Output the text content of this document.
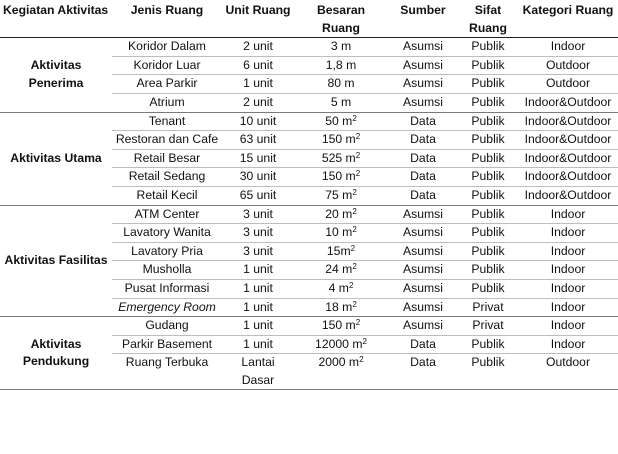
Kegiatan Aktivitas	Jenis Ruang	Unit Ruang	Besaran Ruang	Sumber	Sifat Ruang	Kategori Ruang
Aktivitas Penerima	Koridor Dalam	2 unit	3 m	Asumsi	Publik	Indoor
	Koridor Luar	6 unit	1,8 m	Asumsi	Publik	Outdoor
	Area Parkir	1 unit	80 m	Asumsi	Publik	Outdoor
	Atrium	2 unit	5 m	Asumsi	Publik	Indoor&Outdoor
Aktivitas Utama	Tenant	10 unit	50 $m^2$	Data	Publik	Indoor&Outdoor
	Restoran dan Cafe	63 unit	150 $m^2$	Data	Publik	Indoor&Outdoor
	Retail Besar	15 unit	525 $m^2$	Data	Publik	Indoor&Outdoor
	Retail Sedang	30 unit	150 $m^2$	Data	Publik	Indoor&Outdoor
	Retail Kecil	65 unit	75 $m^2$	Data	Publik	Indoor&Outdoor
Aktivitas Fasilitas	ATM Center	3 unit	20 $m^2$	Asumsi	Publik	Indoor
	Lavatory Wanita	3 unit	10 $m^2$	Asumsi	Publik	Indoor
	Lavatory Pria	3 unit	$15m^2$	Asumsi	Publik	Indoor
	Musholla	1 unit	24 $m^2$	Asumsi	Publik	Indoor
	Pusat Informasi	1 unit	4 $m^2$	Asumsi	Publik	Indoor
	Emergency Room	1 unit	18 $m^2$	Asumsi	Privat	Indoor
Aktivitas Pendukung	Gudang	1 unit	150 $m^2$	Asumsi	Privat	Indoor
	Parkir Basement	1 unit	12000 $m^2$	Data	Publik	Indoor
	Ruang Terbuka	Lantai Dasar	2000 $m^2$	Data	Publik	Outdoor
